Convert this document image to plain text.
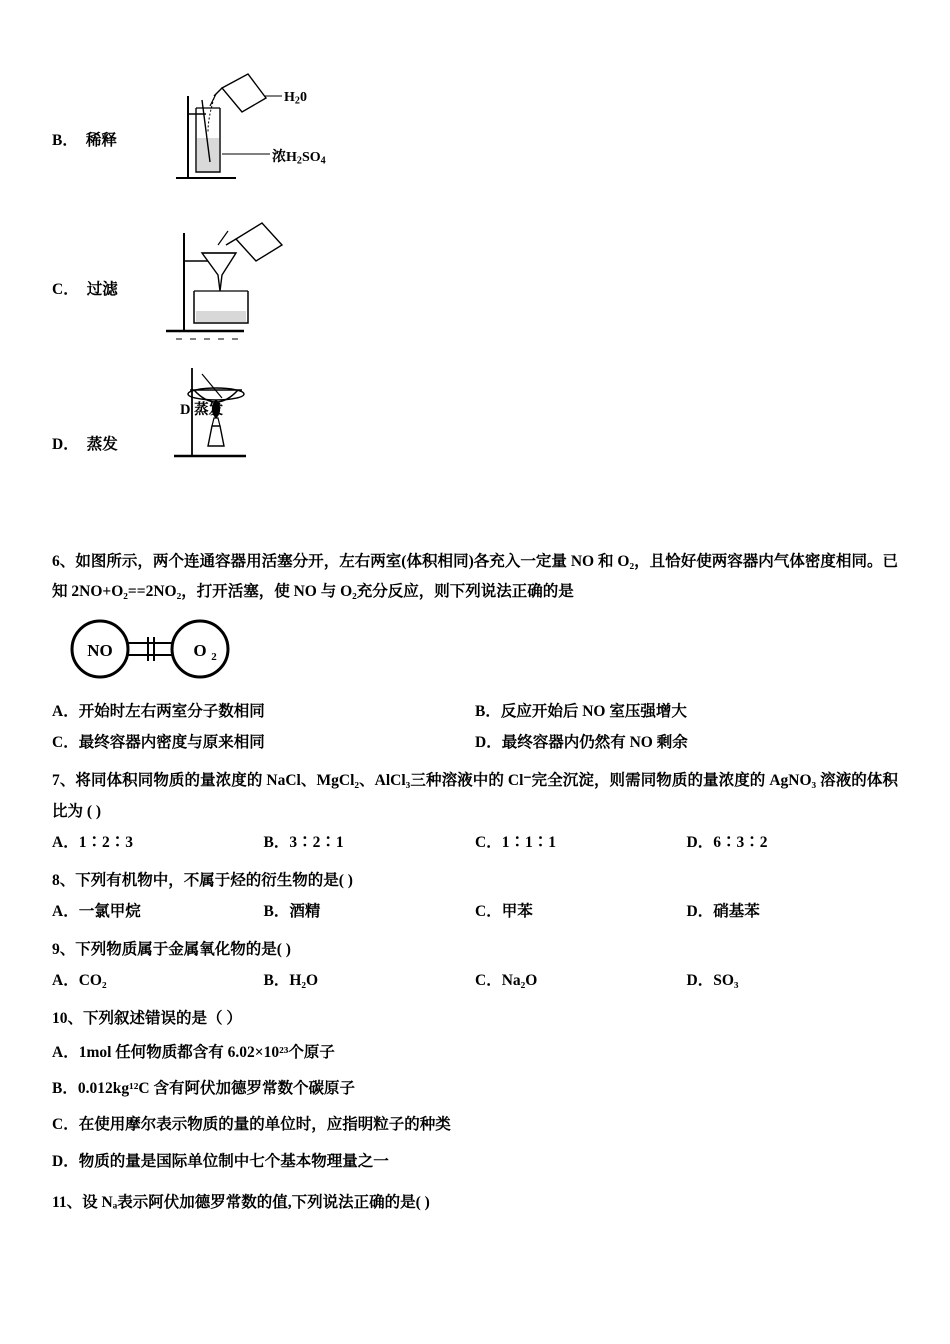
B． 稀释
$H_20$
浓$H_2SO_4$
C． 过滤
D． 蒸发
D 蒸发
6、如图所示，两个连通容器用活塞分开，左右两室(体积相同)各充入一定量 NO 和 O₂，且恰好使两容器内气体密度相同。已知 2NO+O₂==2NO₂，打开活塞，使 NO 与 O₂充分反应，则下列说法正确的是
NO	O 2
A．开始时左右两室分子数相同	B．反应开始后 NO 室压强增大
C．最终容器内密度与原来相同	D．最终容器内仍然有 NO 剩余
7、将同体积同物质的量浓度的 NaCl、MgCl₂、AlCl₃三种溶液中的 Cl⁻完全沉淀，则需同物质的量浓度的 AgNO₃ 溶液的体积比为 ( )
A．1∶2∶3	B．3∶2∶1	C．1∶1∶1	D．6∶3∶2
8、下列有机物中，不属于烃的衍生物的是( )
A．一氯甲烷	B．酒精	C．甲苯	D．硝基苯
9、下列物质属于金属氧化物的是( )
A．CO₂	B．H₂O	C．Na₂O	D．SO₃
10、下列叙述错误的是（ ）
A．1mol 任何物质都含有 6.02×10²³个原子
B．0.012kg¹²C 含有阿伏加德罗常数个碳原子
C．在使用摩尔表示物质的量的单位时，应指明粒子的种类
D．物质的量是国际单位制中七个基本物理量之一
11、设 Nₐ表示阿伏加德罗常数的值,下列说法正确的是( )
